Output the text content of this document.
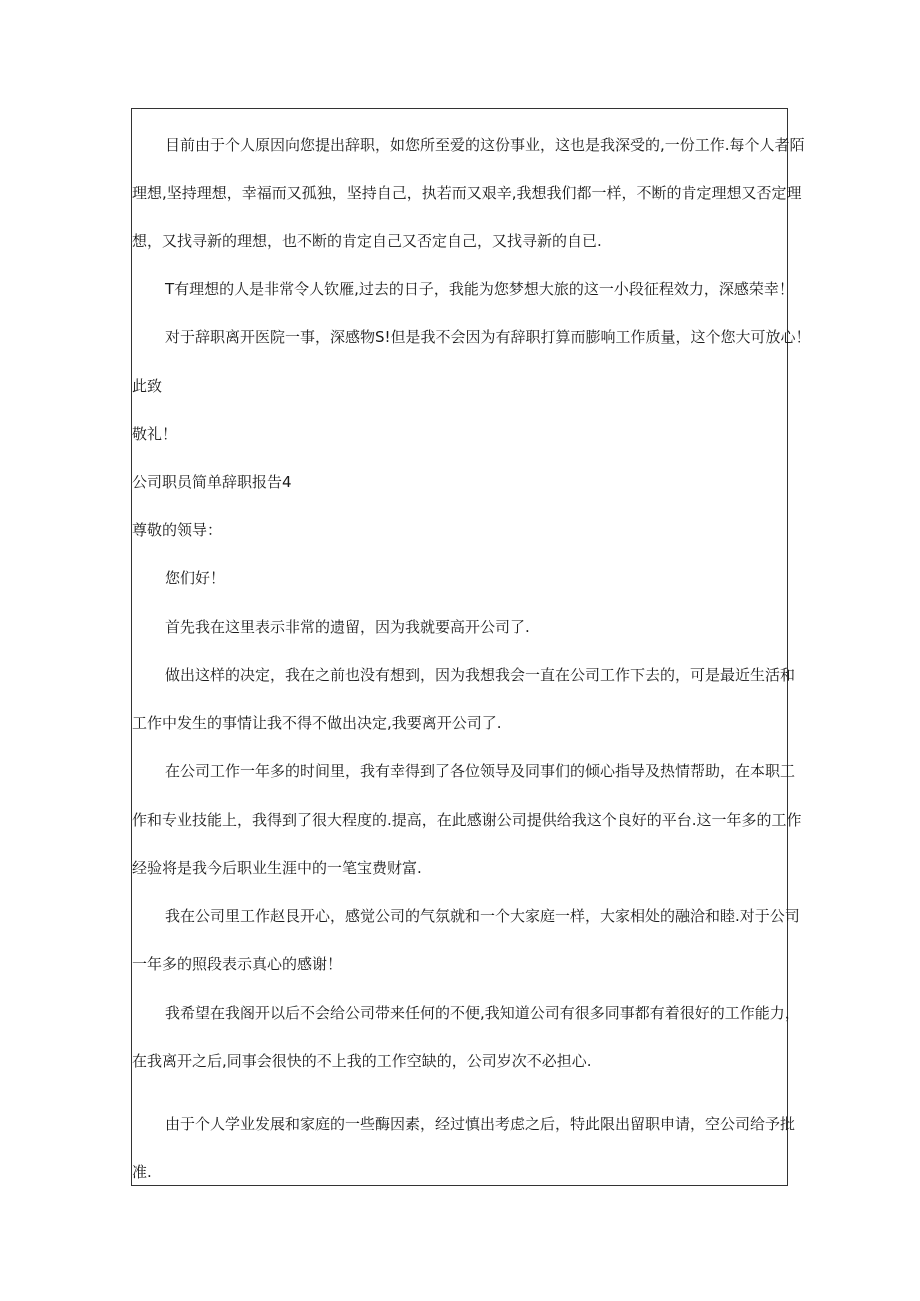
目前由于个人原因向您提出辞职，如您所至爱的这份事业，这也是我深受的,一份工作.每个人者陌
理想,坚持理想，幸福而又孤独，坚持自己，执若而又艰辛,我想我们都一样，不断的肯定理想又否定理
想，又找寻新的理想，也不断的肯定自己又否定自己，又找寻新的自已.
T有理想的人是非常令人钦雁,过去的日子，我能为您梦想大旅的这一小段征程效力，深感荣幸！
对于辞职离开医院一事，深感物S!但是我不会因为有辞职打算而膨响工作质量，这个您大可放心！
此致
敬礼！
公司职员简单辞职报告4
尊敬的领导：
您们好！
首先我在这里表示非常的遗留，因为我就要高开公司了.
做出这样的决定，我在之前也没有想到，因为我想我会一直在公司工作下去的，可是最近生活和
工作中发生的事情让我不得不做出决定,我要离开公司了.
在公司工作一年多的时间里，我有幸得到了各位领导及同事们的倾心指导及热情帮助，在本职工
作和专业技能上，我得到了很大程度的.提高，在此感谢公司提供给我这个良好的平台.这一年多的工作
经验将是我今后职业生涯中的一笔宝费财富.
我在公司里工作赵艮开心，感觉公司的气氛就和一个大家庭一样，大家相处的融洽和睦.对于公司
一年多的照段表示真心的感谢！
我希望在我阁开以后不会给公司带来任何的不便,我知道公司有很多同事都有着很好的工作能力，
在我离开之后,同事会很快的不上我的工作空缺的，公司岁次不必担心.
由于个人学业发展和家庭的一些酶因素，经过慎出考虑之后，特此限出留职申请，空公司给予批
准.
